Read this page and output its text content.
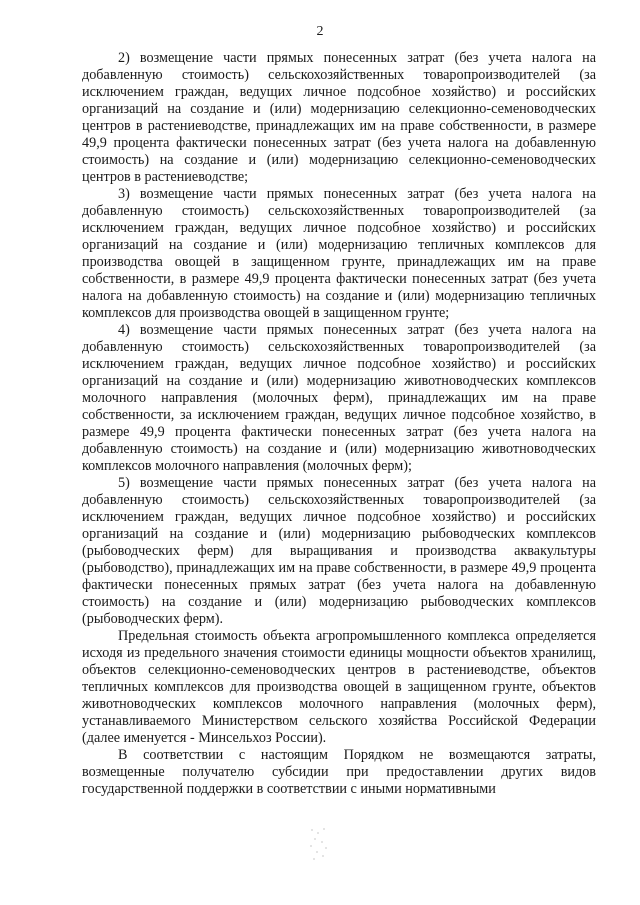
2

2) возмещение части прямых понесенных затрат (без учета налога на добавленную стоимость) сельскохозяйственных товаропроизводителей (за исключением граждан, ведущих личное подсобное хозяйство) и российских организаций на создание и (или) модернизацию селекционно-семеноводческих центров в растениеводстве, принадлежащих им на праве собственности, в размере 49,9 процента фактически понесенных затрат (без учета налога на добавленную стоимость) на создание и (или) модернизацию селекционно-семеноводческих центров в растениеводстве;

3) возмещение части прямых понесенных затрат (без учета налога на добавленную стоимость) сельскохозяйственных товаропроизводителей (за исключением граждан, ведущих личное подсобное хозяйство) и российских организаций на создание и (или) модернизацию тепличных комплексов для производства овощей в защищенном грунте, принадлежащих им на праве собственности, в размере 49,9 процента фактически понесенных затрат (без учета налога на добавленную стоимость) на создание и (или) модернизацию тепличных комплексов для производства овощей в защищенном грунте;

4) возмещение части прямых понесенных затрат (без учета налога на добавленную стоимость) сельскохозяйственных товаропроизводителей (за исключением граждан, ведущих личное подсобное хозяйство) и российских организаций на создание и (или) модернизацию животноводческих комплексов молочного направления (молочных ферм), принадлежащих им на праве собственности, за исключением граждан, ведущих личное подсобное хозяйство, в размере 49,9 процента фактически понесенных затрат (без учета налога на добавленную стоимость) на создание и (или) модернизацию животноводческих комплексов молочного направления (молочных ферм);

5) возмещение части прямых понесенных затрат (без учета налога на добавленную стоимость) сельскохозяйственных товаропроизводителей (за исключением граждан, ведущих личное подсобное хозяйство) и российских организаций на создание и (или) модернизацию рыбоводческих комплексов (рыбоводческих ферм) для выращивания и производства аквакультуры (рыбоводство), принадлежащих им на праве собственности, в размере 49,9 процента фактически понесенных прямых затрат (без учета налога на добавленную стоимость) на создание и (или) модернизацию рыбоводческих комплексов (рыбоводческих ферм).

Предельная стоимость объекта агропромышленного комплекса определяется исходя из предельного значения стоимости единицы мощности объектов хранилищ, объектов селекционно-семеноводческих центров в растениеводстве, объектов тепличных комплексов для производства овощей в защищенном грунте, объектов животноводческих комплексов молочного направления (молочных ферм), устанавливаемого Министерством сельского хозяйства Российской Федерации (далее именуется - Минсельхоз России).

В соответствии с настоящим Порядком не возмещаются затраты, возмещенные получателю субсидии при предоставлении других видов государственной поддержки в соответствии с иными нормативными
